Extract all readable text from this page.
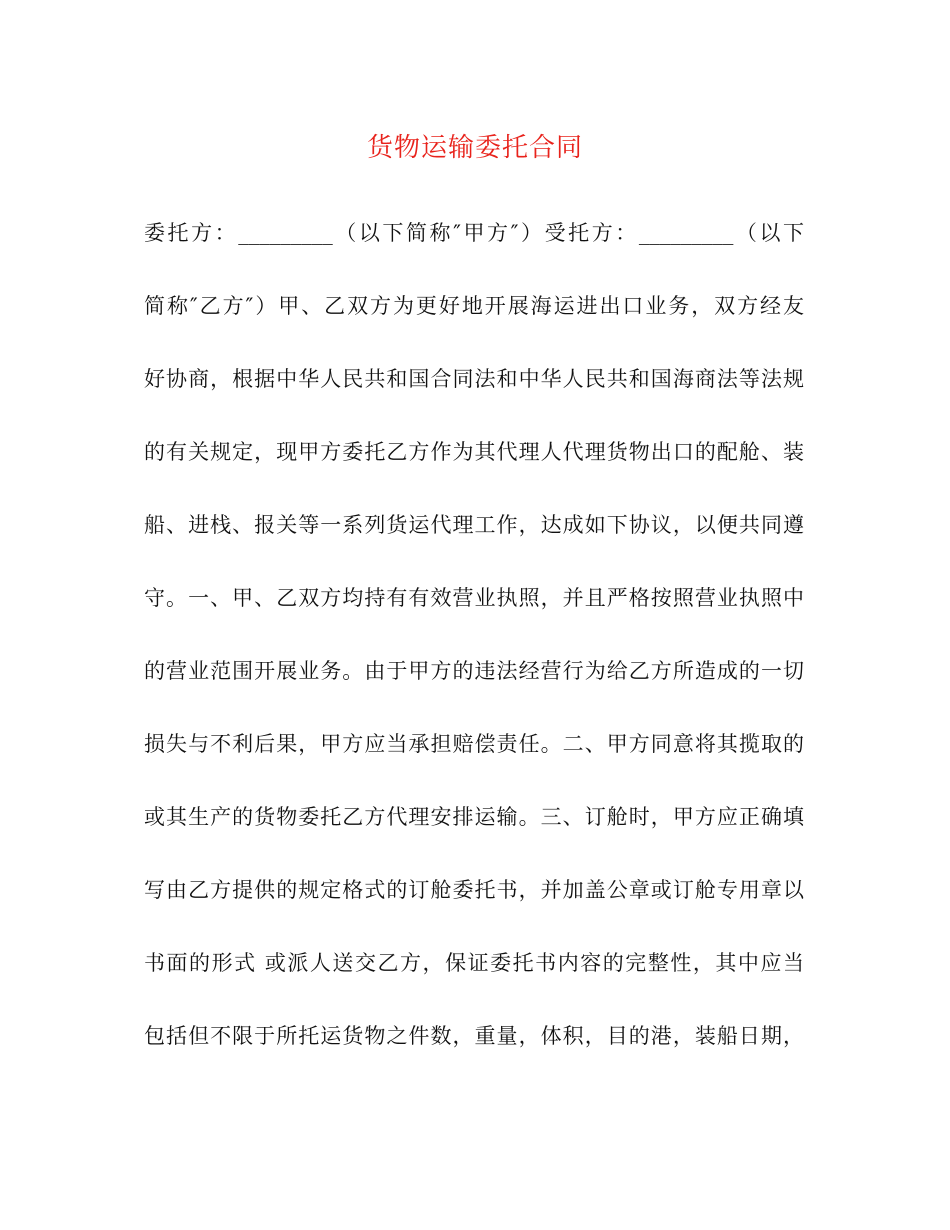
货物运输委托合同
委托方：_________（以下简称″甲方″）受托方：_________（以下
简称″乙方″）甲、乙双方为更好地开展海运进出口业务，双方经友
好协商，根据中华人民共和国合同法和中华人民共和国海商法等法规
的有关规定，现甲方委托乙方作为其代理人代理货物出口的配舱、装
船、进栈、报关等一系列货运代理工作，达成如下协议，以便共同遵
守。一、甲、乙双方均持有有效营业执照，并且严格按照营业执照中
的营业范围开展业务。由于甲方的违法经营行为给乙方所造成的一切
损失与不利后果，甲方应当承担赔偿责任。二、甲方同意将其揽取的
或其生产的货物委托乙方代理安排运输。三、订舱时，甲方应正确填
写由乙方提供的规定格式的订舱委托书，并加盖公章或订舱专用章以
书面的形式 或派人送交乙方，保证委托书内容的完整性，其中应当
包括但不限于所托运货物之件数，重量，体积，目的港，装船日期，
